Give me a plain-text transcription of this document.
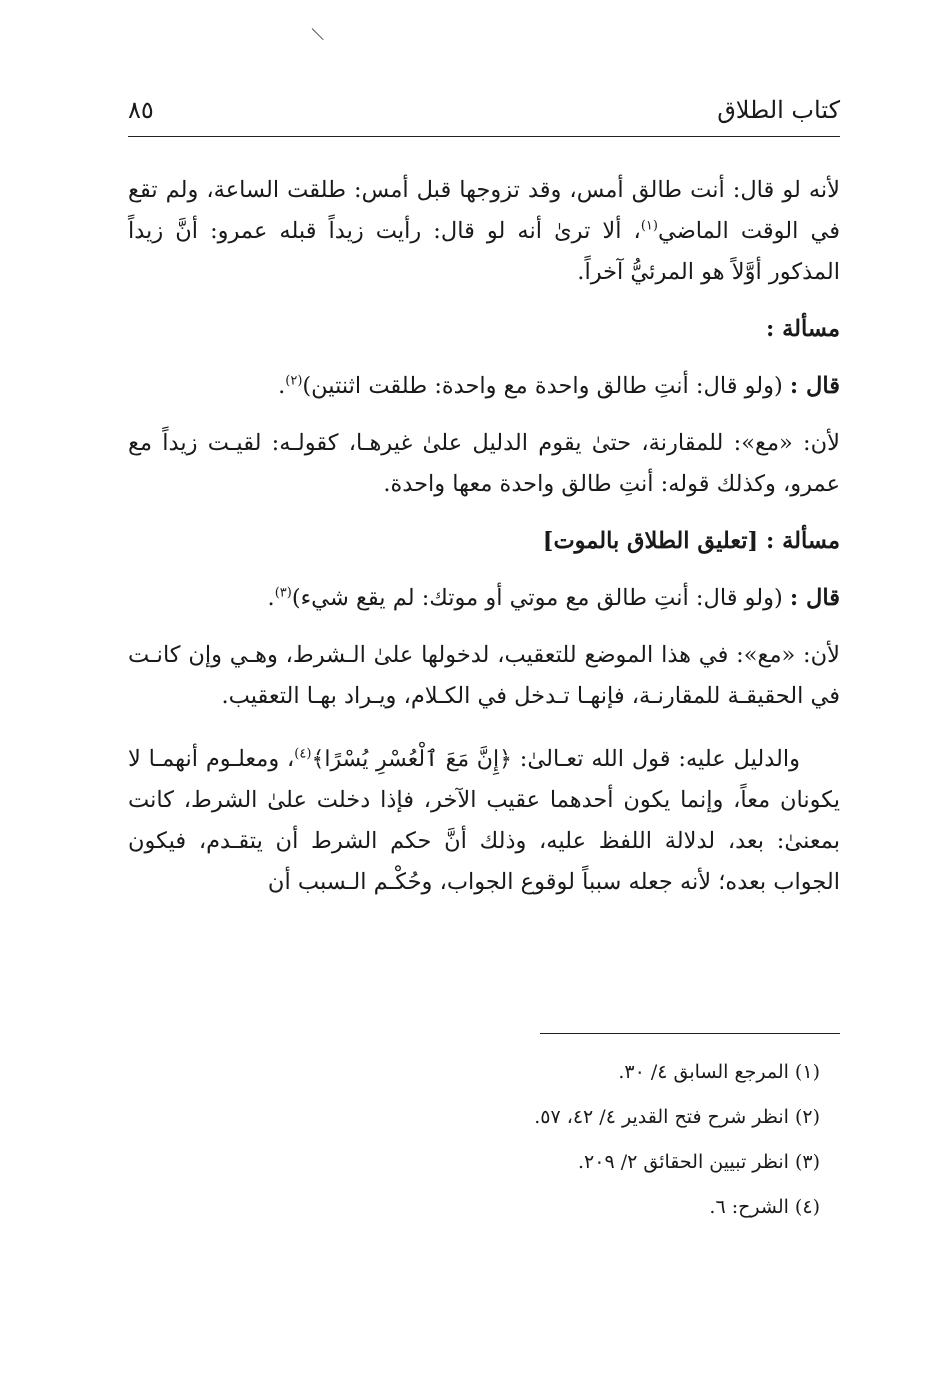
كتاب الطلاق
٨٥

لأنه لو قال: أنت طالق أمس، وقد تزوجها قبل أمس: طلقت الساعة، ولم تقع في الوقت الماضي$^{(١)}$، ألا ترىٰ أنه لو قال: رأيت زيداً قبله عمرو: أنَّ زيداً المذكور أوَّلاً هو المرئيُّ آخراً.

مسألة :

قال : (ولو قال: أنتِ طالق واحدة مع واحدة: طلقت اثنتين)$^{(٢)}$.

لأن: «مع»: للمقارنة، حتىٰ يقوم الدليل علىٰ غيرهـا، كقولـه: لقيـت زيداً مع عمرو، وكذلك قوله: أنتِ طالق واحدة معها واحدة.

مسألة : [تعليق الطلاق بالموت]

قال : (ولو قال: أنتِ طالق مع موتي أو موتك: لم يقع شيء)$^{(٣)}$.

لأن: «مع»: في هذا الموضع للتعقيب، لدخولها علىٰ الـشرط، وهـي وإن كانـت في الحقيقـة للمقارنـة، فإنهـا تـدخل في الكـلام، ويـراد بهـا التعقيب.

والدليل عليه: قول الله تعـالىٰ: ﴿إِنَّ مَعَ ٱلْعُسْرِ يُسْرًا﴾$^{(٤)}$، ومعلـوم أنهمـا لا يكونان معاً، وإنما يكون أحدهما عقيب الآخر، فإذا دخلت علىٰ الشرط، كانت بمعنىٰ: بعد، لدلالة اللفظ عليه، وذلك أنَّ حكم الشرط أن يتقـدم، فيكون الجواب بعده؛ لأنه جعله سبباً لوقوع الجواب، وحُكْـم الـسبب أن

(١) المرجع السابق ٤/ ٣٠.

(٢) انظر شرح فتح القدير ٤/ ٤٢، ٥٧.

(٣) انظر تبيين الحقائق ٢/ ٢٠٩.

(٤) الشرح: ٦.
